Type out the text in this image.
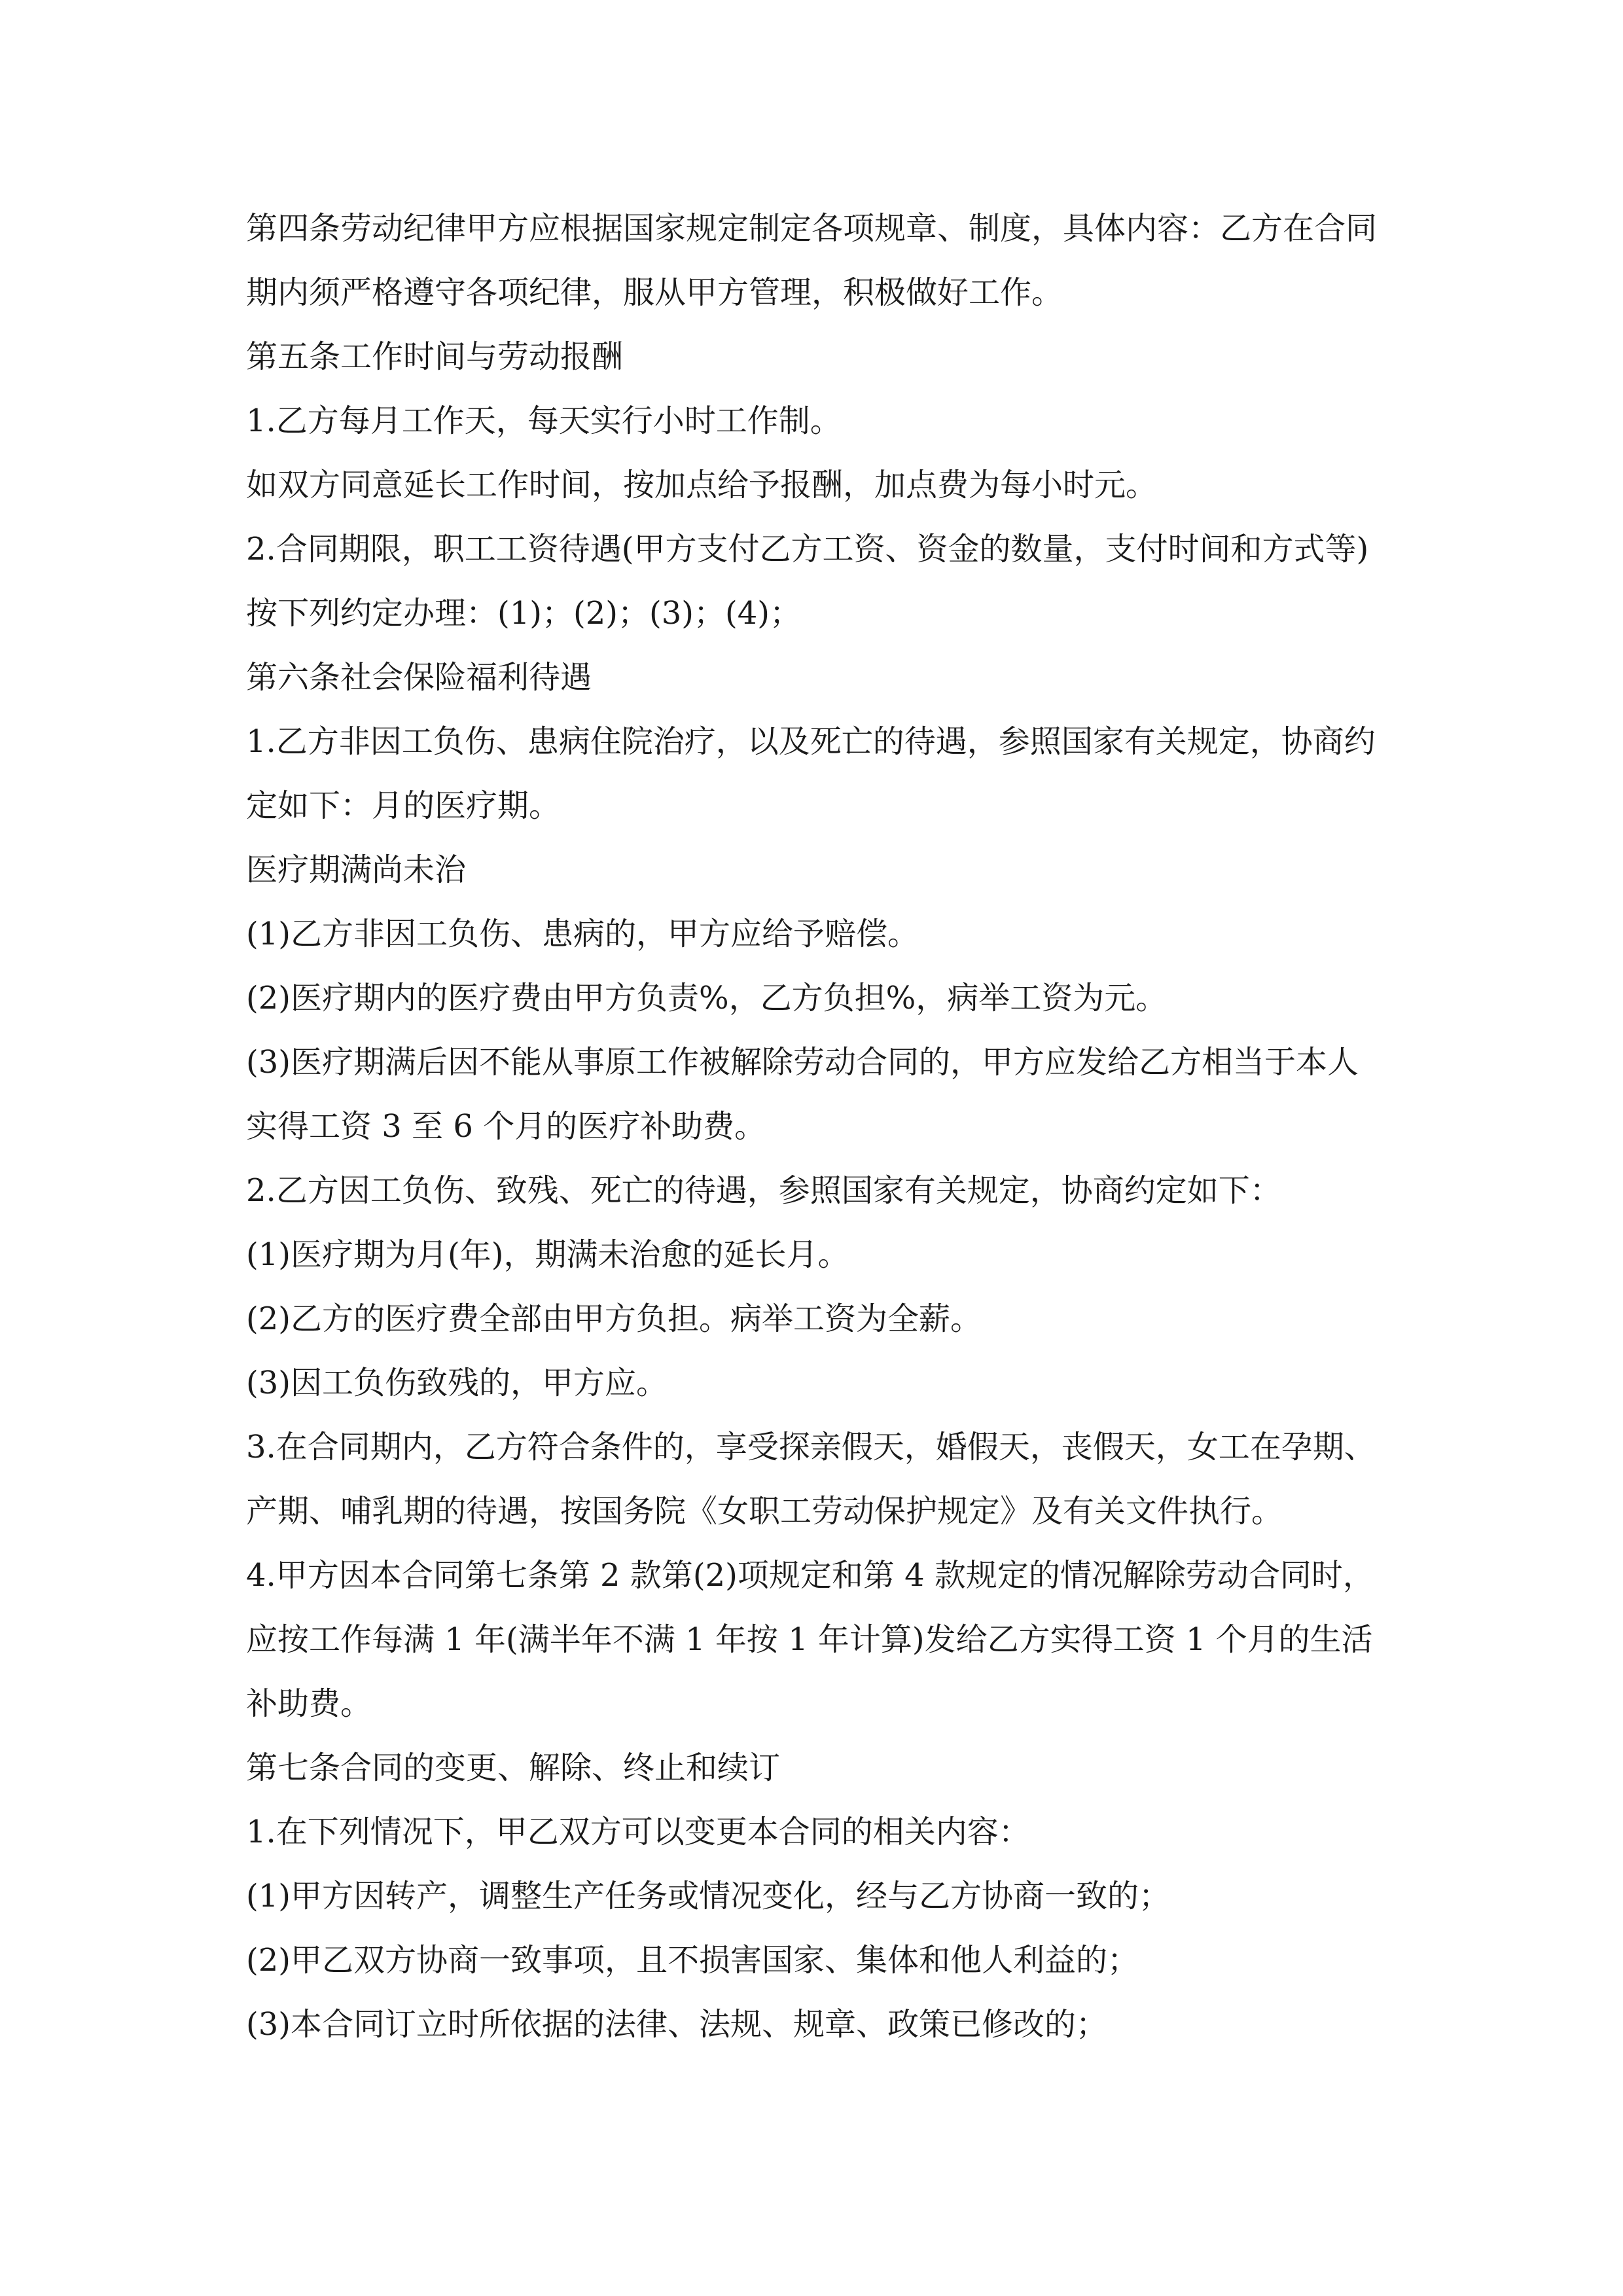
第四条劳动纪律甲方应根据国家规定制定各项规章、制度，具体内容：乙方在合同期内须严格遵守各项纪律，服从甲方管理，积极做好工作。

第五条工作时间与劳动报酬

1.乙方每月工作天，每天实行小时工作制。

如双方同意延长工作时间，按加点给予报酬，加点费为每小时元。

2.合同期限，职工工资待遇(甲方支付乙方工资、资金的数量，支付时间和方式等)按下列约定办理：(1)；(2)；(3)；(4)；

第六条社会保险福利待遇

1.乙方非因工负伤、患病住院治疗，以及死亡的待遇，参照国家有关规定，协商约定如下：月的医疗期。

医疗期满尚未治

(1)乙方非因工负伤、患病的，甲方应给予赔偿。

(2)医疗期内的医疗费由甲方负责%，乙方负担%，病举工资为元。

(3)医疗期满后因不能从事原工作被解除劳动合同的，甲方应发给乙方相当于本人实得工资 3 至 6 个月的医疗补助费。

2.乙方因工负伤、致残、死亡的待遇，参照国家有关规定，协商约定如下：

(1)医疗期为月(年)，期满未治愈的延长月。

(2)乙方的医疗费全部由甲方负担。病举工资为全薪。

(3)因工负伤致残的，甲方应。

3.在合同期内，乙方符合条件的，享受探亲假天，婚假天，丧假天，女工在孕期、产期、哺乳期的待遇，按国务院《女职工劳动保护规定》及有关文件执行。

4.甲方因本合同第七条第 2 款第(2)项规定和第 4 款规定的情况解除劳动合同时，应按工作每满 1 年(满半年不满 1 年按 1 年计算)发给乙方实得工资 1 个月的生活补助费。

第七条合同的变更、解除、终止和续订

1.在下列情况下，甲乙双方可以变更本合同的相关内容：

(1)甲方因转产，调整生产任务或情况变化，经与乙方协商一致的；

(2)甲乙双方协商一致事项，且不损害国家、集体和他人利益的；

(3)本合同订立时所依据的法律、法规、规章、政策已修改的；
